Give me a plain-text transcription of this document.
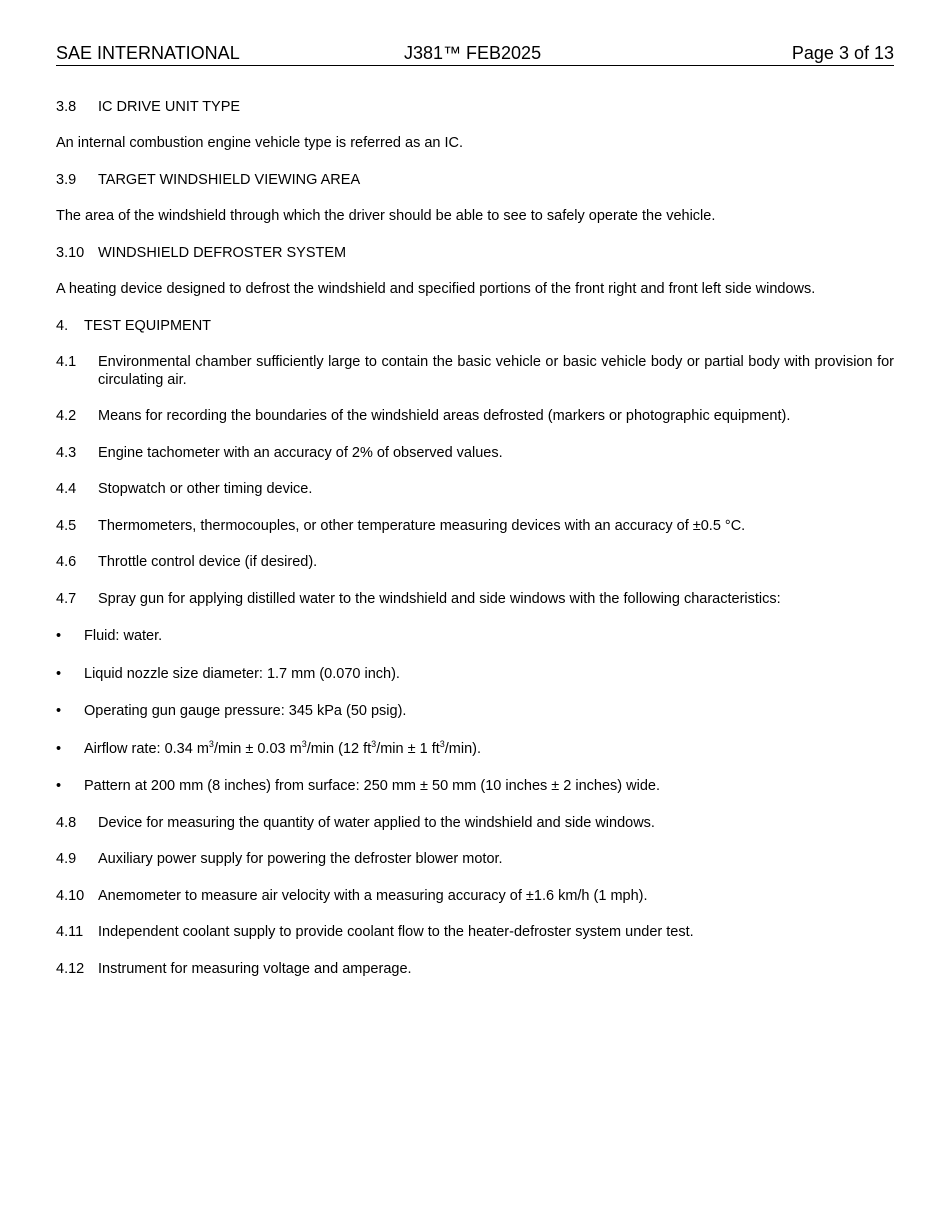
SAE INTERNATIONAL	J381™ FEB2025	Page 3 of 13
3.8 IC DRIVE UNIT TYPE
An internal combustion engine vehicle type is referred as an IC.
3.9 TARGET WINDSHIELD VIEWING AREA
The area of the windshield through which the driver should be able to see to safely operate the vehicle.
3.10 WINDSHIELD DEFROSTER SYSTEM
A heating device designed to defrost the windshield and specified portions of the front right and front left side windows.
4. TEST EQUIPMENT
4.1 Environmental chamber sufficiently large to contain the basic vehicle or basic vehicle body or partial body with provision for circulating air.
4.2 Means for recording the boundaries of the windshield areas defrosted (markers or photographic equipment).
4.3 Engine tachometer with an accuracy of 2% of observed values.
4.4 Stopwatch or other timing device.
4.5 Thermometers, thermocouples, or other temperature measuring devices with an accuracy of ±0.5 °C.
4.6 Throttle control device (if desired).
4.7 Spray gun for applying distilled water to the windshield and side windows with the following characteristics:
• Fluid: water.
• Liquid nozzle size diameter: 1.7 mm (0.070 inch).
• Operating gun gauge pressure: 345 kPa (50 psig).
• Airflow rate: 0.34 $m^3/\min \pm 0.03$ $m^3/\min$ (12 $ft^3/\min \pm 1$ $ft^3/\min$).
• Pattern at 200 mm (8 inches) from surface: 250 mm ± 50 mm (10 inches ± 2 inches) wide.
4.8 Device for measuring the quantity of water applied to the windshield and side windows.
4.9 Auxiliary power supply for powering the defroster blower motor.
4.10 Anemometer to measure air velocity with a measuring accuracy of ±1.6 km/h (1 mph).
4.11 Independent coolant supply to provide coolant flow to the heater-defroster system under test.
4.12 Instrument for measuring voltage and amperage.
